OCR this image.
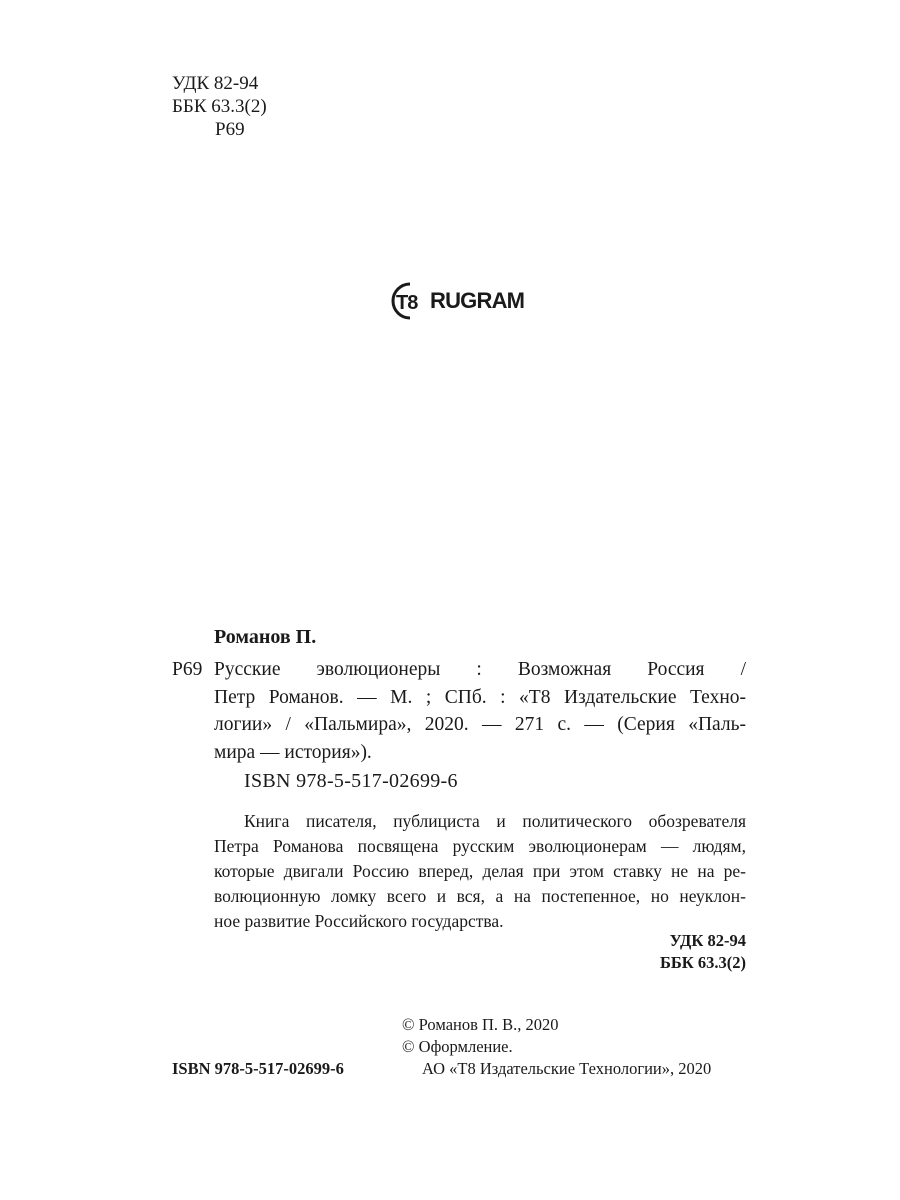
УДК 82-94
ББК 63.3(2)
Р69
T8 RUGRAM
Романов П.
Р69 Русские эволюционеры : Возможная Россия /
Петр Романов. — М. ; СПб. : «Т8 Издательские Техно-
логии» / «Пальмира», 2020. — 271 с. — (Серия «Паль-
мира — история»).
ISBN 978-5-517-02699-6
Книга писателя, публициста и политического обозревателя
Петра Романова посвящена русским эволюционерам — людям,
которые двигали Россию вперед, делая при этом ставку не на ре-
волюционную ломку всего и вся, а на постепенное, но неуклон-
ное развитие Российского государства.
УДК 82-94
ББК 63.3(2)
© Романов П. В., 2020
© Оформление.
АО «Т8 Издательские Технологии», 2020
ISBN 978-5-517-02699-6
